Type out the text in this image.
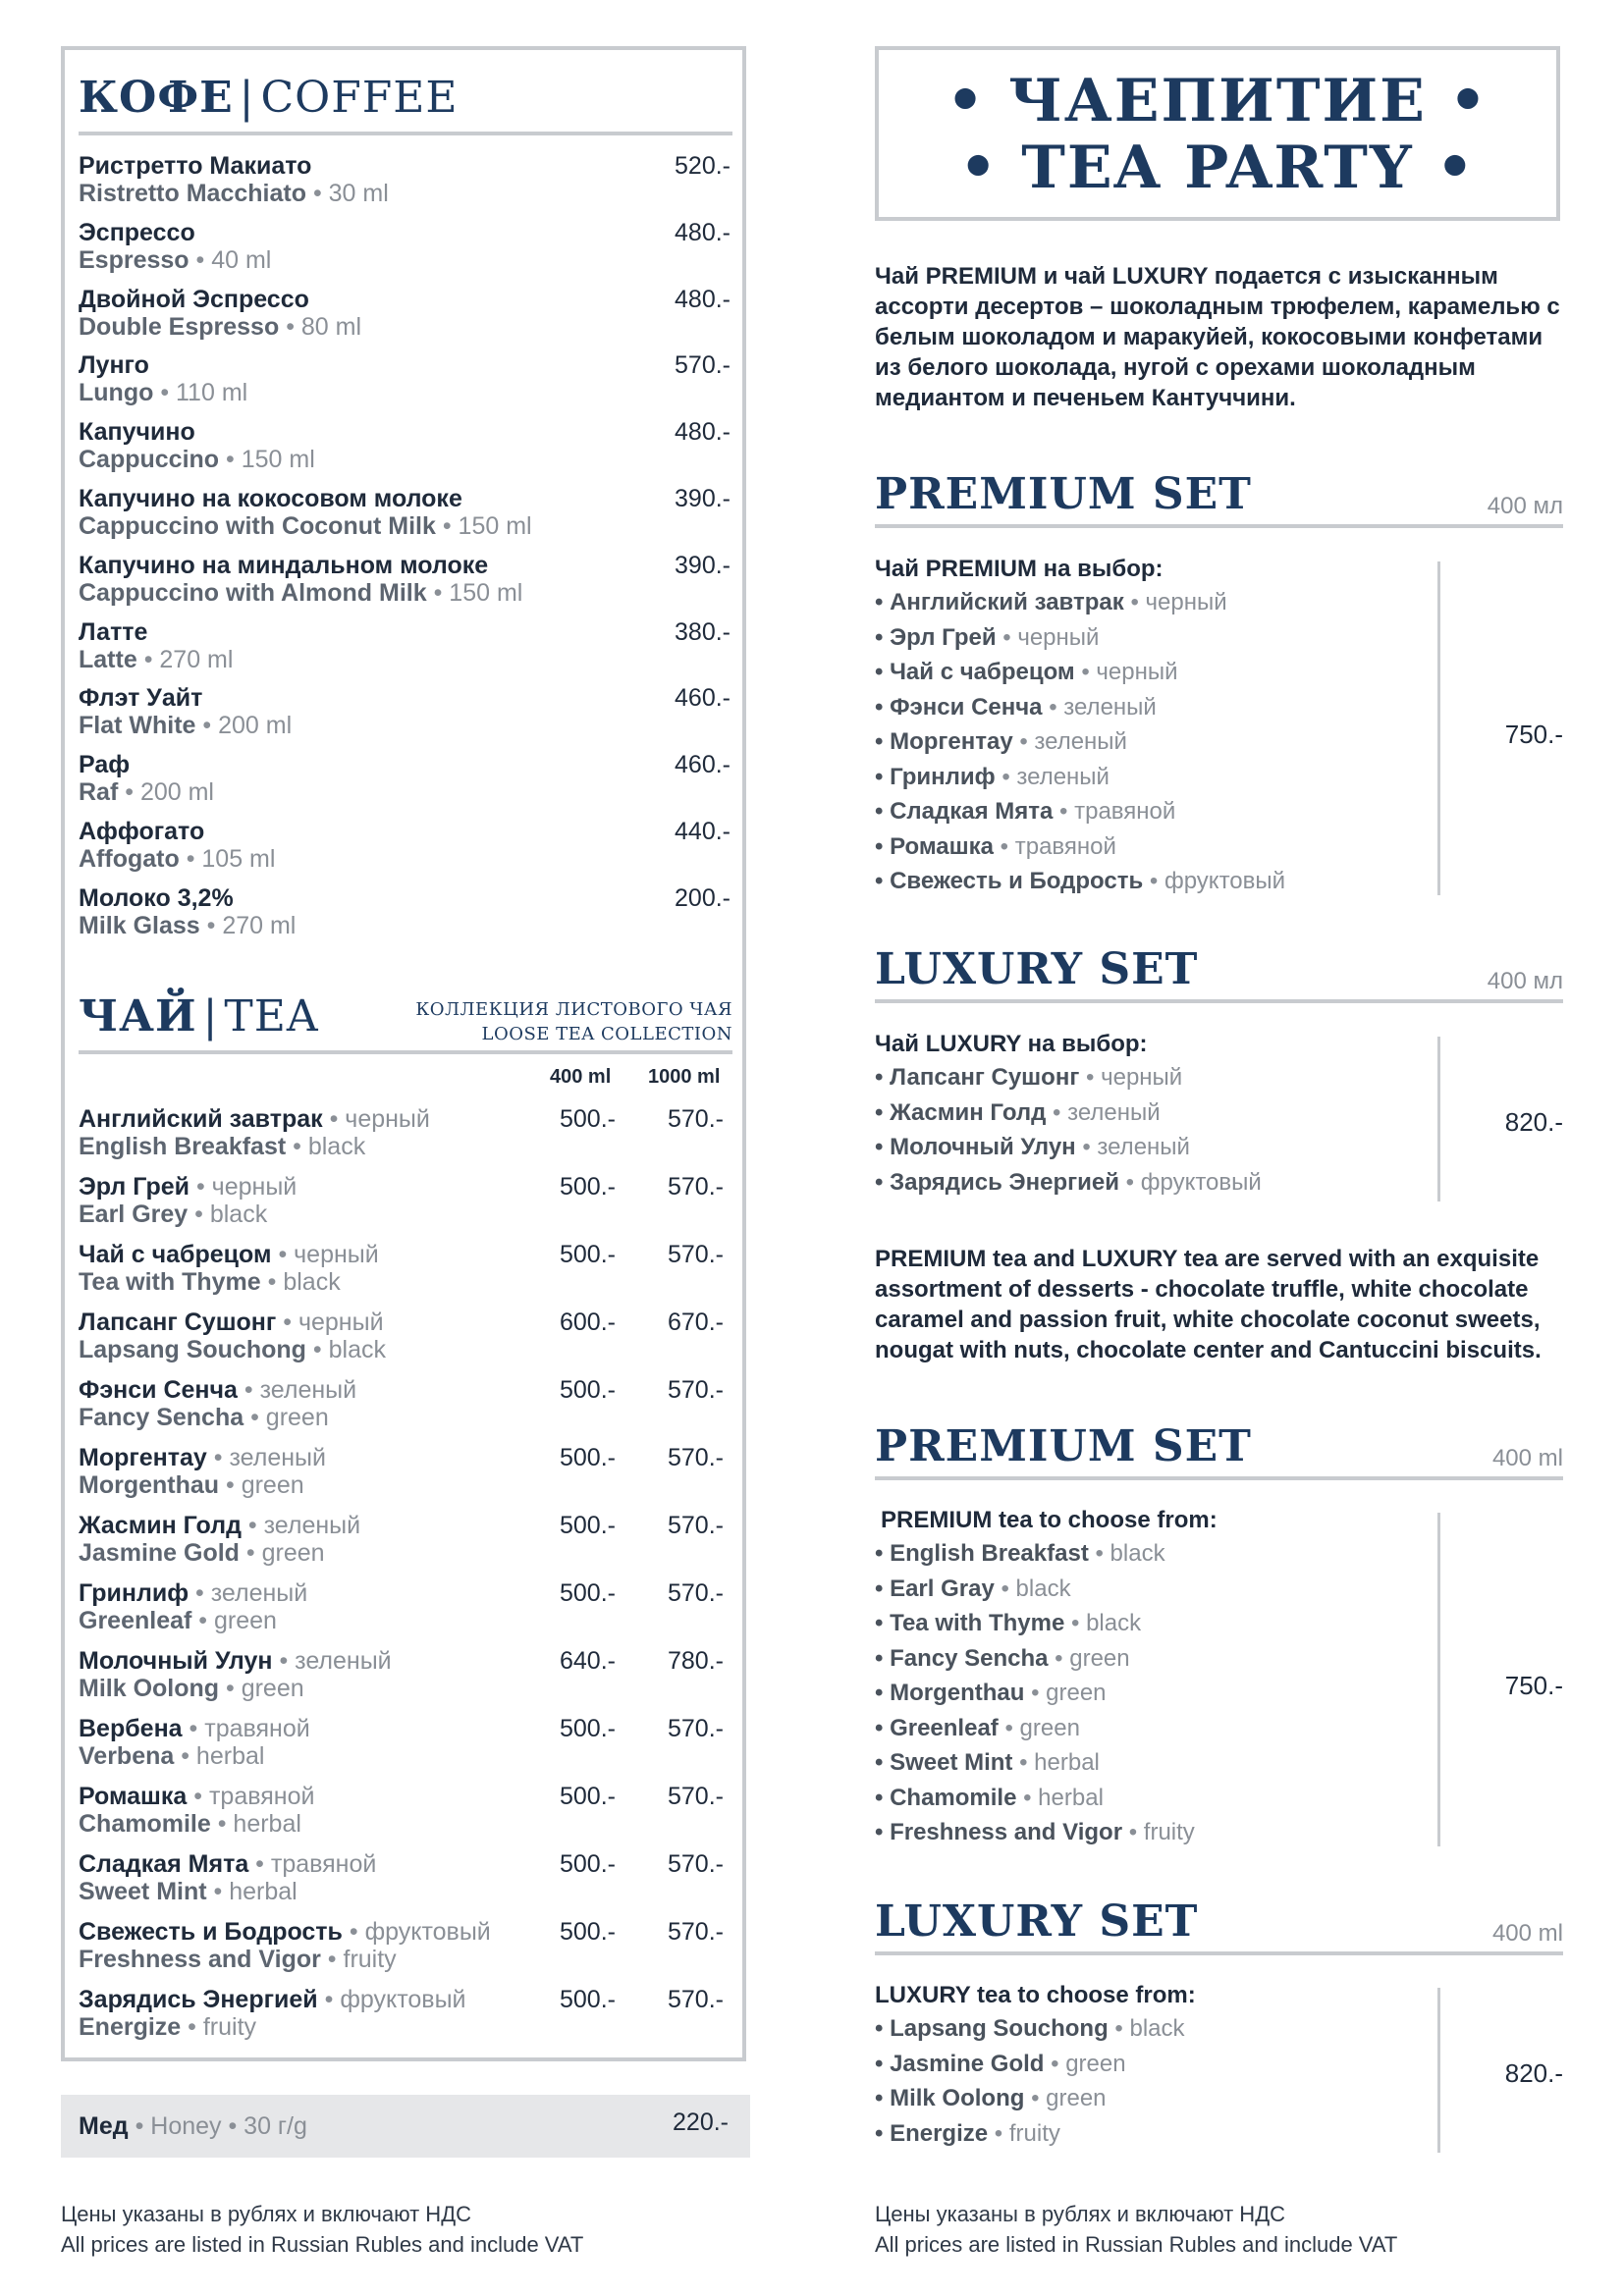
КОФЕ | COFFEE
Ристретто Макиато
Ristretto Macchiato • 30 ml
520.-
Эспрессо
Espresso • 40 ml
480.-
Двойной Эспрессо
Double Espresso • 80 ml
480.-
Лунго
Lungo • 110 ml
570.-
Капучино
Cappuccino • 150 ml
480.-
Капучино на кокосовом молоке
Cappuccino with Coconut Milk • 150 ml
390.-
Капучино на миндальном молоке
Cappuccino with Almond Milk • 150 ml
390.-
Латте
Latte • 270 ml
380.-
Флэт Уайт
Flat White • 200 ml
460.-
Раф
Raf • 200 ml
460.-
Аффогато
Affogato • 105 ml
440.-
Молоко 3,2%
Milk Glass • 270 ml
200.-
ЧАЙ | TEA	КОЛЛЕКЦИЯ ЛИСТОВОГО ЧАЯ
LOOSE TEA COLLECTION
400 ml 1000 ml
Английский завтрак • черный
English Breakfast • black
500.- 570.-
Эрл Грей • черный
Earl Grey • black
500.- 570.-
Чай с чабрецом • черный
Tea with Thyme • black
500.- 570.-
Лапсанг Сушонг • черный
Lapsang Souchong • black
600.- 670.-
Фэнси Сенча • зеленый
Fancy Sencha • green
500.- 570.-
Моргентау • зеленый
Morgenthau • green
500.- 570.-
Жасмин Голд • зеленый
Jasmine Gold • green
500.- 570.-
Гринлиф • зеленый
Greenleaf • green
500.- 570.-
Молочный Улун • зеленый
Milk Oolong • green
640.- 780.-
Вербена • травяной
Verbena • herbal
500.- 570.-
Ромашка • травяной
Chamomile • herbal
500.- 570.-
Сладкая Мята • травяной
Sweet Mint • herbal
500.- 570.-
Свежесть и Бодрость • фруктовый
Freshness and Vigor • fruity
500.- 570.-
Зарядись Энергией • фруктовый
Energize • fruity
500.- 570.-
Мед • Honey • 30 г/g	220.-
Цены указаны в рублях и включают НДС
All prices are listed in Russian Rubles and include VAT
• ЧАЕПИТИЕ •
• TEA PARTY •
Чай PREMIUM и чай LUXURY подается с изысканным ассорти десертов – шоколадным трюфелем, карамелью с белым шоколадом и маракуйей, кокосовыми конфетами из белого шоколада, нугой с орехами шоколадным медиантом и печеньем Кантуччини.
PREMIUM SET	400 мл
Чай PREMIUM на выбор:
• Английский завтрак • черный
• Эрл Грей • черный
• Чай с чабрецом • черный
• Фэнси Сенча • зеленый
• Моргентау • зеленый
• Гринлиф • зеленый
• Сладкая Мята • травяной
• Ромашка • травяной
• Свежесть и Бодрость • фруктовый
750.-
LUXURY SET	400 мл
Чай LUXURY на выбор:
• Лапсанг Сушонг • черный
• Жасмин Голд • зеленый
• Молочный Улун • зеленый
• Зарядись Энергией • фруктовый
820.-
PREMIUM tea and LUXURY tea are served with an exquisite assortment of desserts - chocolate truffle, white chocolate caramel and passion fruit, white chocolate coconut sweets, nougat with nuts, chocolate center and Cantuccini biscuits.
PREMIUM SET	400 ml
PREMIUM tea to choose from:
• English Breakfast • black
• Earl Gray • black
• Tea with Thyme • black
• Fancy Sencha • green
• Morgenthau • green
• Greenleaf • green
• Sweet Mint • herbal
• Chamomile • herbal
• Freshness and Vigor • fruity
750.-
LUXURY SET	400 ml
LUXURY tea to choose from:
• Lapsang Souchong • black
• Jasmine Gold • green
• Milk Oolong • green
• Energize • fruity
820.-
Цены указаны в рублях и включают НДС
All prices are listed in Russian Rubles and include VAT
